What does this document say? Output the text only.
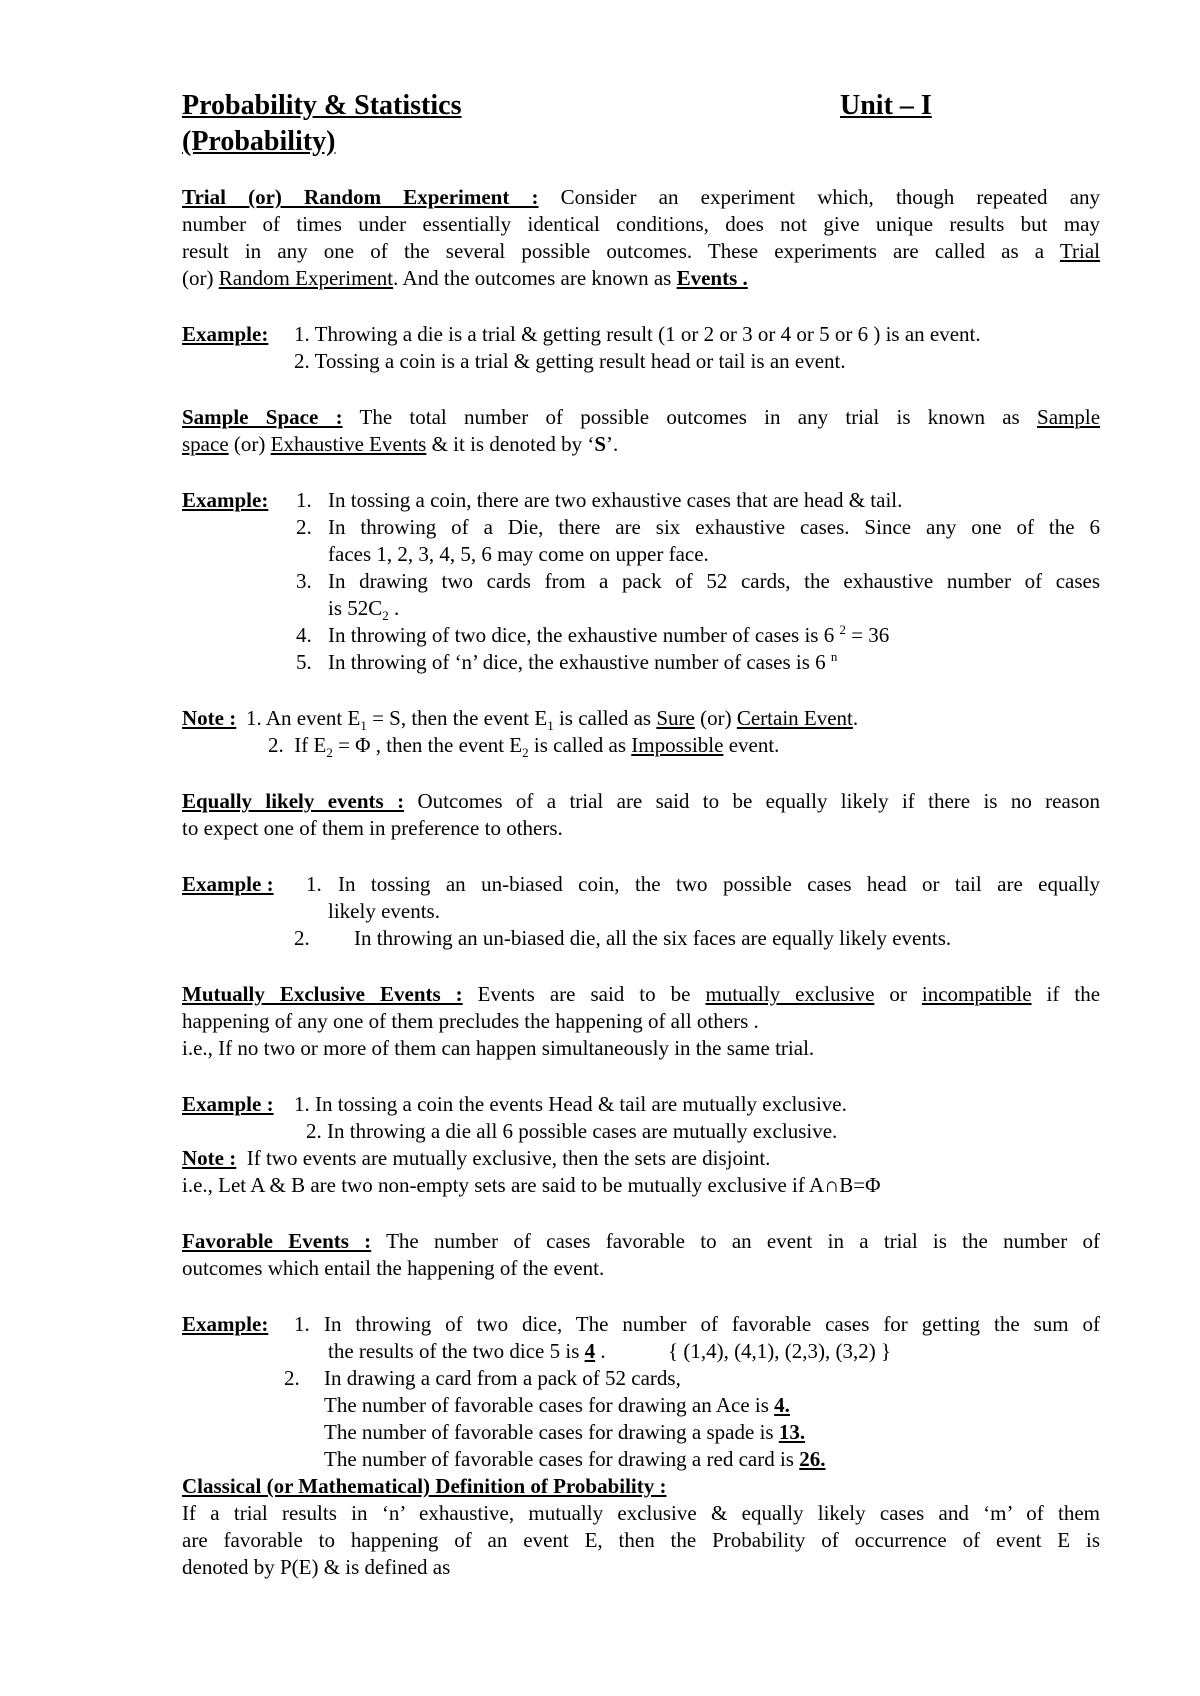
Probability & Statistics	Unit – I
(Probability)
Trial (or) Random Experiment : Consider an experiment which, though repeated any
number of times under essentially identical conditions, does not give unique results but may
result in any one of the several possible outcomes. These experiments are called as a Trial
(or) Random Experiment. And the outcomes are known as Events .
Example: 1. Throwing a die is a trial & getting result (1 or 2 or 3 or 4 or 5 or 6 ) is an event.
2. Tossing a coin is a trial & getting result head or tail is an event.
Sample Space : The total number of possible outcomes in any trial is known as Sample
space (or) Exhaustive Events & it is denoted by ‘S’.
Example: 1. In tossing a coin, there are two exhaustive cases that are head & tail.
2. In throwing of a Die, there are six exhaustive cases. Since any one of the 6
faces 1, 2, 3, 4, 5, 6 may come on upper face.
3. In drawing two cards from a pack of 52 cards, the exhaustive number of cases
is $52C_2$ .
4. In throwing of two dice, the exhaustive number of cases is 6 $^2$ = 36
5. In throwing of ‘n’ dice, the exhaustive number of cases is 6 $^n$
Note : 1. An event $E_1 = S$, then the event $E_1$ is called as Sure (or) Certain Event.
2. If $E_2 = \Phi$ , then the event $E_2$ is called as Impossible event.
Equally likely events : Outcomes of a trial are said to be equally likely if there is no reason
to expect one of them in preference to others.
Example : 1. In tossing an un-biased coin, the two possible cases head or tail are equally
likely events.
2. In throwing an un-biased die, all the six faces are equally likely events.
Mutually Exclusive Events : Events are said to be mutually exclusive or incompatible if the
happening of any one of them precludes the happening of all others .
i.e., If no two or more of them can happen simultaneously in the same trial.
Example : 1. In tossing a coin the events Head & tail are mutually exclusive.
2. In throwing a die all 6 possible cases are mutually exclusive.
Note : If two events are mutually exclusive, then the sets are disjoint.
i.e., Let A & B are two non-empty sets are said to be mutually exclusive if A∩B=Φ
Favorable Events : The number of cases favorable to an event in a trial is the number of
outcomes which entail the happening of the event.
Example: 1. In throwing of two dice, The number of favorable cases for getting the sum of
the results of the two dice 5 is 4 .	{ (1,4), (4,1), (2,3), (3,2) }
2. In drawing a card from a pack of 52 cards,
The number of favorable cases for drawing an Ace is 4.
The number of favorable cases for drawing a spade is 13.
The number of favorable cases for drawing a red card is 26.
Classical (or Mathematical) Definition of Probability :
If a trial results in ‘n’ exhaustive, mutually exclusive & equally likely cases and ‘m’ of them
are favorable to happening of an event E, then the Probability of occurrence of event E is
denoted by P(E) & is defined as
